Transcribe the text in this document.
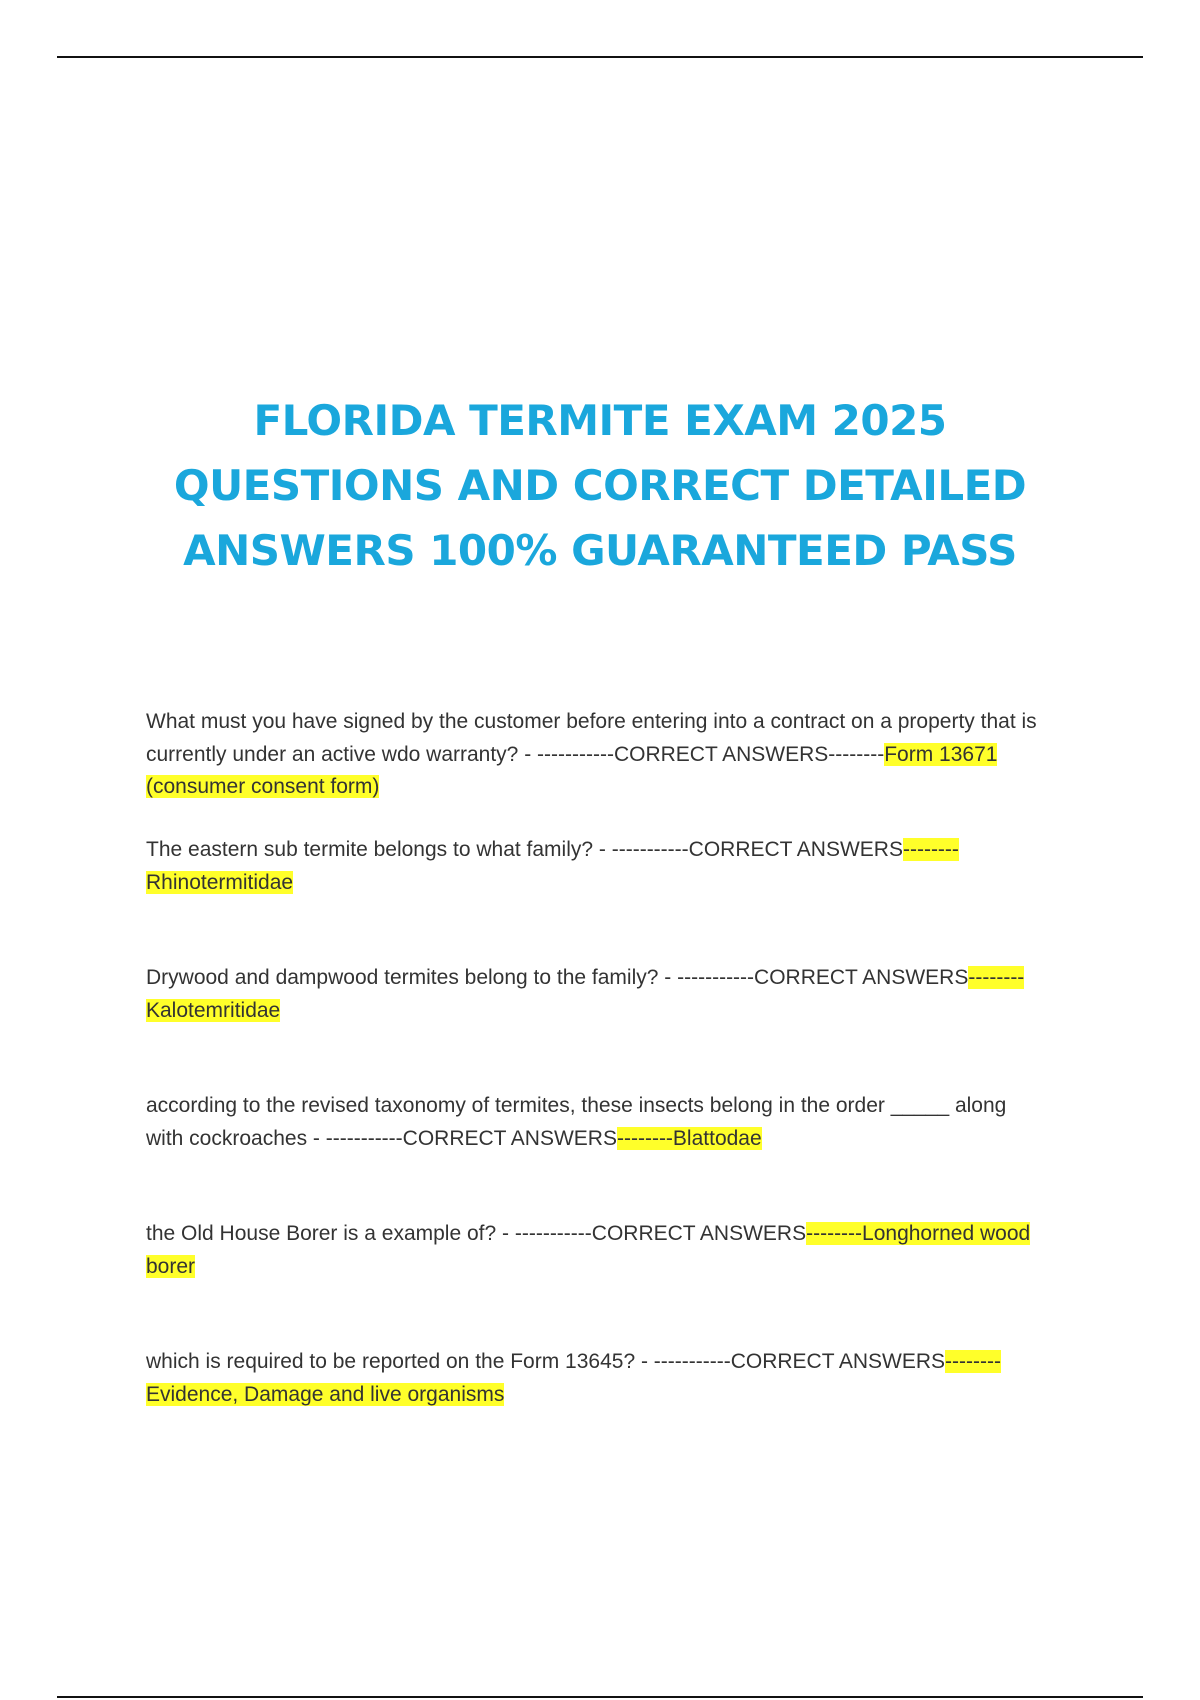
FLORIDA TERMITE EXAM 2025
QUESTIONS AND CORRECT DETAILED
ANSWERS 100% GUARANTEED PASS

What must you have signed by the customer before entering into a contract on a property that is currently under an active wdo warranty? - -----------CORRECT ANSWERS--------Form 13671 (consumer consent form)

The eastern sub termite belongs to what family? - -----------CORRECT ANSWERS--------Rhinotermitidae

Drywood and dampwood termites belong to the family? - -----------CORRECT ANSWERS--------Kalotemritidae

according to the revised taxonomy of termites, these insects belong in the order _____ along with cockroaches - -----------CORRECT ANSWERS--------Blattodae

the Old House Borer is a example of? - -----------CORRECT ANSWERS--------Longhorned wood borer

which is required to be reported on the Form 13645? - -----------CORRECT ANSWERS--------Evidence, Damage and live organisms
